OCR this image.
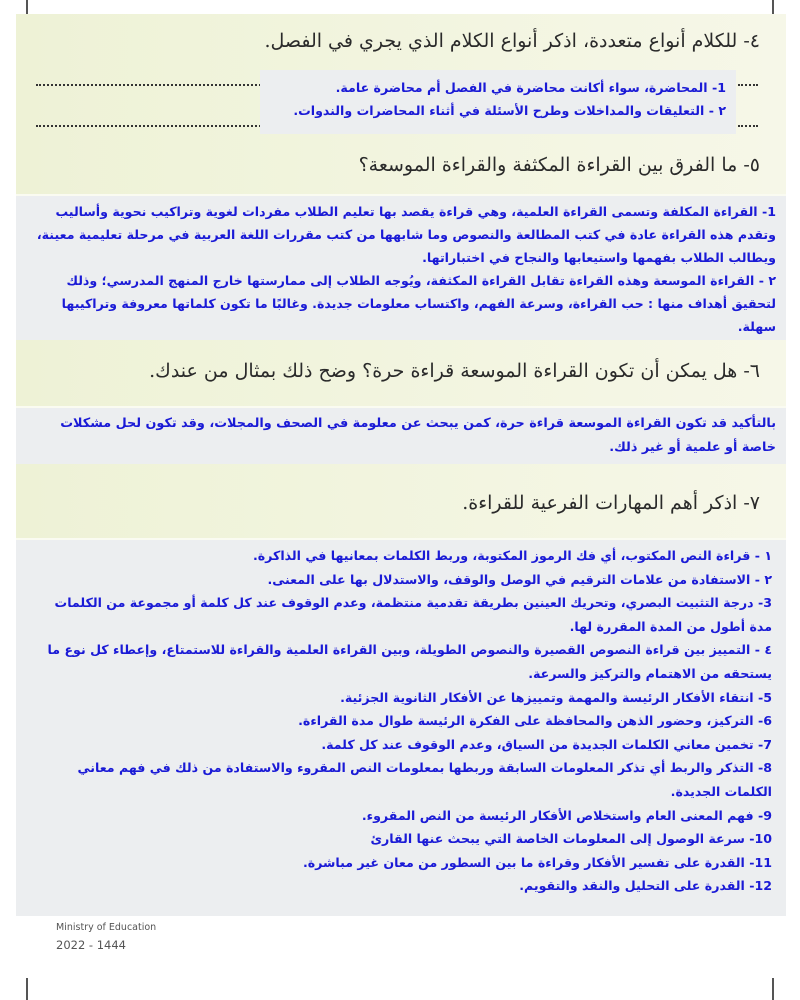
٤- للكلام أنواع متعددة، اذكر أنواع الكلام الذي يجري في الفصل.

1- المحاضرة، سواء أكانت محاضرة في الفصل أم محاضرة عامة.

٢ - التعليقات والمداخلات وطرح الأسئلة في أثناء المحاضرات والندوات.

٥- ما الفرق بين القراءة المكثفة والقراءة الموسعة؟

1- القراءة المكلفة وتسمى القراءة العلمية، وهي قراءة يقصد بها تعليم الطلاب مفردات لغوية وتراكيب نحوية وأساليب وتقدم هذه القراءة عادة في كتب المطالعة والنصوص وما شابهها من كتب مقررات اللغة العربية في مرحلة تعليمية معينة، ويطالب الطلاب بفهمها واستيعابها والنجاح في اختباراتها.

٢ - القراءة الموسعة وهذه القراءة تقابل القراءة المكثفة، ويُوجه الطلاب إلى ممارستها خارج المنهج المدرسي؛ وذلك لتحقيق أهداف منها : حب القراءة، وسرعة الفهم، واكتساب معلومات جديدة. وغالبًا ما تكون كلماتها معروفة وتراكيبها سهلة.

٦- هل يمكن أن تكون القراءة الموسعة قراءة حرة؟ وضح ذلك بمثال من عندك.

بالتأكيد قد تكون القراءة الموسعة قراءة حرة، كمن يبحث عن معلومة في الصحف والمجلات، وقد تكون لحل مشكلات خاصة أو علمية أو غير ذلك.

٧- اذكر أهم المهارات الفرعية للقراءة.

١ - قراءة النص المكتوب، أي فك الرموز المكتوبة، وربط الكلمات بمعانيها في الذاكرة.

٢ - الاستفادة من علامات الترقيم في الوصل والوقف، والاستدلال بها على المعنى.

3- درجة التثبيت البصري، وتحريك العينين بطريقة تقدمية منتظمة، وعدم الوقوف عند كل كلمة أو مجموعة من الكلمات مدة أطول من المدة المقررة لها.

٤ - التمييز بين قراءة النصوص القصيرة والنصوص الطويلة، وبين القراءة العلمية والقراءة للاستمتاع، وإعطاء كل نوع ما يستحقه من الاهتمام والتركيز والسرعة.

5- انتقاء الأفكار الرئيسة والمهمة وتمييزها عن الأفكار الثانوية الجزئية.

6- التركيز، وحضور الذهن والمحافظة على الفكرة الرئيسة طوال مدة القراءة.

7- تخمين معاني الكلمات الجديدة من السياق، وعدم الوقوف عند كل كلمة.

8- التذكر والربط أي تذكر المعلومات السابقة وربطها بمعلومات النص المقروء والاستفادة من ذلك في فهم معاني الكلمات الجديدة.

9- فهم المعنى العام واستخلاص الأفكار الرئيسة من النص المقروء.

10- سرعة الوصول إلى المعلومات الخاصة التي يبحث عنها القارئ

11- القدرة على تفسير الأفكار وقراءة ما بين السطور من معان غير مباشرة.

12- القدرة على التحليل والنقد والتقويم.

Ministry of Education
2022 - 1444
